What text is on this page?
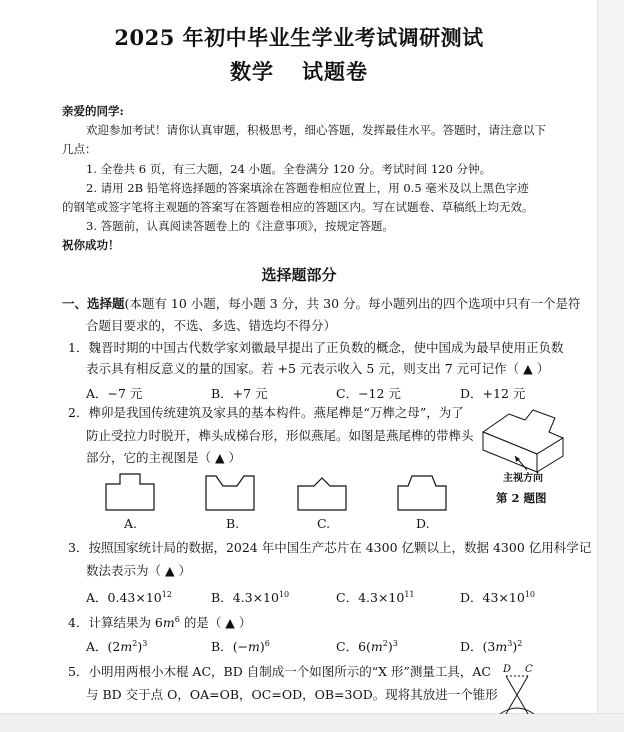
2025 年初中毕业生学业考试调研测试
数学 试题卷
亲爱的同学:
欢迎参加考试！请你认真审题，积极思考，细心答题，发挥最佳水平。答题时，请注意以下
几点：
1. 全卷共 6 页，有三大题，24 小题。全卷满分 120 分。考试时间 120 分钟。
2. 请用 2B 铅笔将选择题的答案填涂在答题卷相应位置上，用 0.5 毫米及以上黑色字迹
的钢笔或签字笔将主观题的答案写在答题卷相应的答题区内。写在试题卷、草稿纸上均无效。
3. 答题前，认真阅读答题卷上的《注意事项》，按规定答题。
祝你成功！
选择题部分
一、选择题(本题有 10 小题，每小题 3 分，共 30 分。每小题列出的四个选项中只有一个是符
合题目要求的，不选、多选、错选均不得分）
1．魏晋时期的中国古代数学家刘徽最早提出了正负数的概念，使中国成为最早使用正负数
表示具有相反意义的量的国家。若 +5 元表示收入 5 元，则支出 7 元可记作（ ▲ ）
A．−7 元	B．+7 元	C．−12 元	D．+12 元
2．榫卯是我国传统建筑及家具的基本构件。燕尾榫是“万榫之母”，为了
防止受拉力时脱开，榫头成梯台形，形似燕尾。如图是燕尾榫的带榫头
部分，它的主视图是（ ▲ ）
A.	B.	C.	D.
主视方向
第 2 题图
3．按照国家统计局的数据，2024 年中国生产芯片在 4300 亿颗以上，数据 4300 亿用科学记
数法表示为（ ▲ ）
A．$0.43\times 10^{12}$	B．$4.3\times 10^{10}$	C．$4.3\times 10^{11}$	D．$43\times 10^{10}$
4．计算结果为 $6m^6$ 的是（ ▲ ）
A．$(2m^2)^3$	B．$(-m)^6$	C．$6(m^2)^3$	D．$(3m^3)^2$
5．小明用两根小木棍 AC，BD 自制成一个如图所示的“X 形”测量工具，AC
与 BD 交于点 O，OA=OB，OC=OD，OB=3OD。现将其放进一个锥形
D C
